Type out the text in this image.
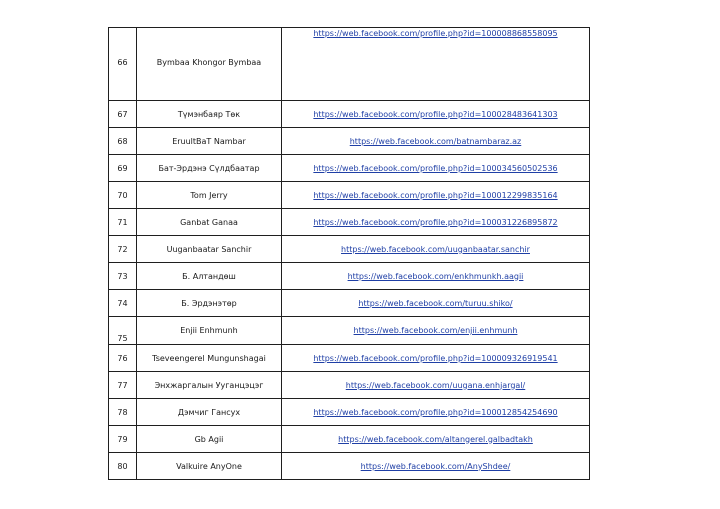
66	Bymbaa Khongor Bymbaa	https://web.facebook.com/profile.php?id=100008868558095
67	Түмэнбаяр Төк	https://web.facebook.com/profile.php?id=100028483641303
68	EruultBaT Nambar	https://web.facebook.com/batnambaraz.az
69	Бат-Эрдэнэ Сүлдбаатар	https://web.facebook.com/profile.php?id=100034560502536
70	Tom Jerry	https://web.facebook.com/profile.php?id=100012299835164
71	Ganbat Ganaa	https://web.facebook.com/profile.php?id=100031226895872
72	Uuganbaatar Sanchir	https://web.facebook.com/uuganbaatar.sanchir
73	Б. Алтандөш	https://web.facebook.com/enkhmunkh.aagii
74	Б. Эрдэнэтөр	https://web.facebook.com/turuu.shiko/
75	Enjii Enhmunh	https://web.facebook.com/enjii.enhmunh
76	Tseveengerel Mungunshagai	https://web.facebook.com/profile.php?id=100009326919541
77	Энхжаргалын Ууганцэцэг	https://web.facebook.com/uugana.enhjargal/
78	Дэмчиг Гансух	https://web.facebook.com/profile.php?id=100012854254690
79	Gb Agii	https://web.facebook.com/altangerel.galbadtakh
80	Valkuire AnyOne	https://web.facebook.com/AnyShdee/
